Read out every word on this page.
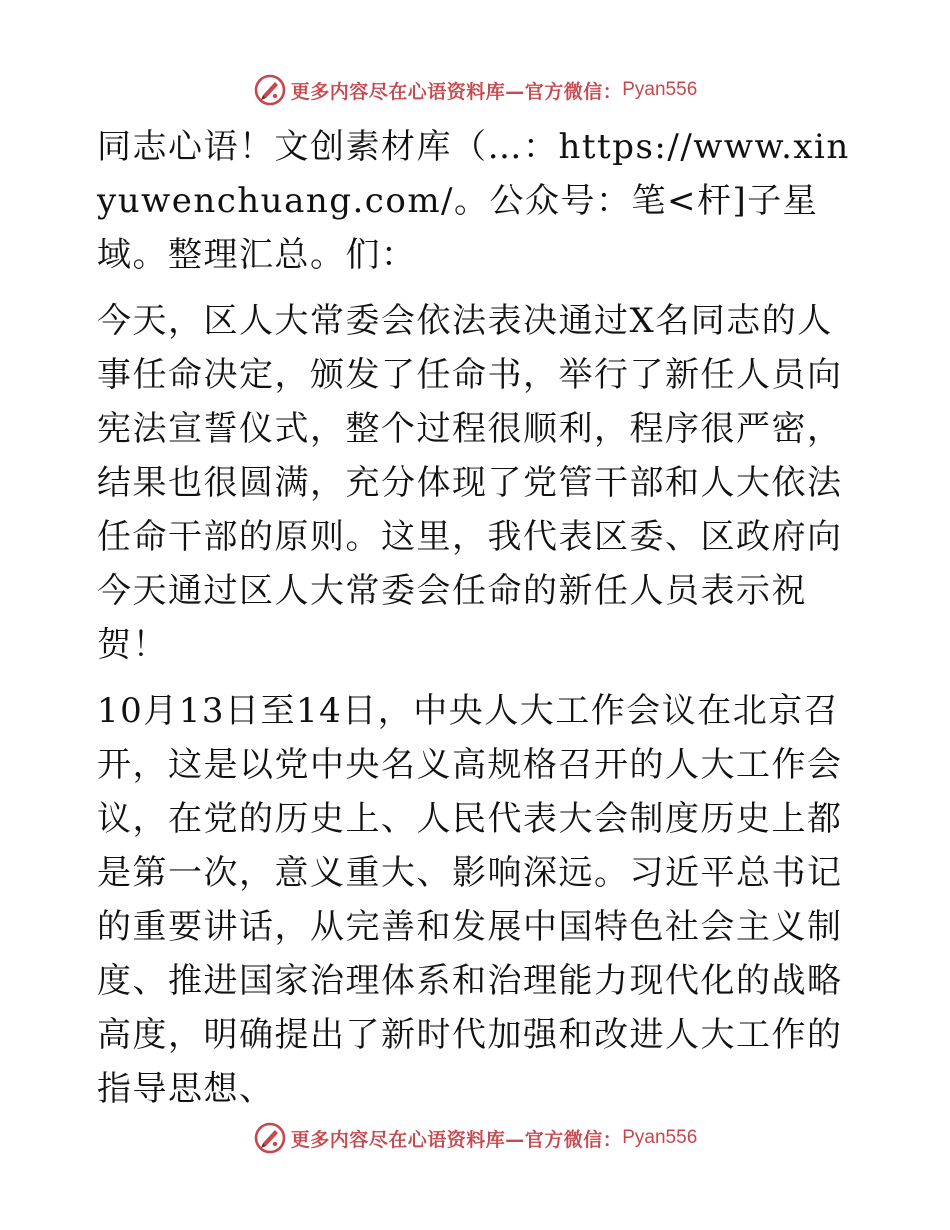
更多内容尽在心语资料库—官方微信： Pyan556

同志心语！文创素材库（…：https://www.xinyuwenchuang.com/。公众号：笔<杆]子星域。整理汇总。们：

今天，区人大常委会依法表决通过X名同志的人事任命决定，颁发了任命书，举行了新任人员向宪法宣誓仪式，整个过程很顺利，程序很严密，结果也很圆满，充分体现了党管干部和人大依法任命干部的原则。这里，我代表区委、区政府向今天通过区人大常委会任命的新任人员表示祝贺！

10月13日至14日，中央人大工作会议在北京召开，这是以党中央名义高规格召开的人大工作会议，在党的历史上、人民代表大会制度历史上都是第一次，意义重大、影响深远。习近平总书记的重要讲话，从完善和发展中国特色社会主义制度、推进国家治理体系和治理能力现代化的战略高度，明确提出了新时代加强和改进人大工作的指导思想、

更多内容尽在心语资料库—官方微信： Pyan556
